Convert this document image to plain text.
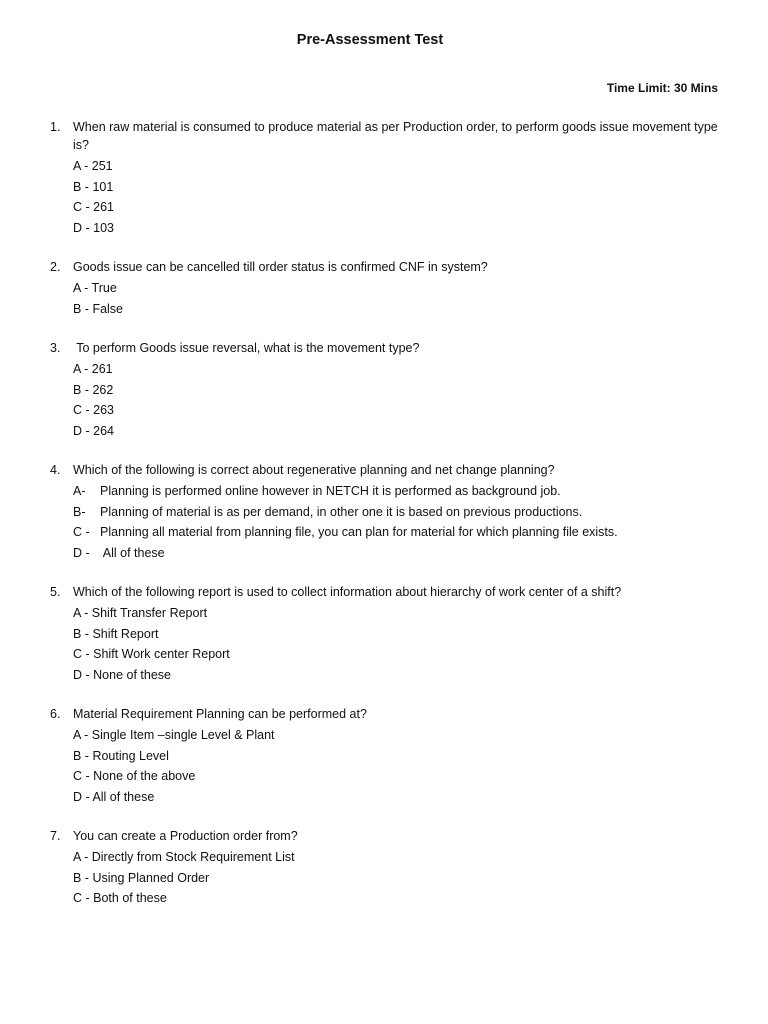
Pre-Assessment Test
Time Limit: 30 Mins
1.	When raw material is consumed to produce material as per Production order, to perform goods issue movement type is?
A - 251
B - 101
C - 261
D - 103
2.	Goods issue can be cancelled till order status is confirmed CNF in system?
A - True
B - False
3.	To perform Goods issue reversal, what is the movement type?
A - 261
B - 262
C - 263
D - 264
4.	Which of the following is correct about regenerative planning and net change planning?
A-	Planning is performed online however in NETCH it is performed as background job.
B-	Planning of material is as per demand, in other one it is based on previous productions.
C - Planning all material from planning file, you can plan for material for which planning file exists.
D - All of these
5.	Which of the following report is used to collect information about hierarchy of work center of a shift?
A - Shift Transfer Report
B - Shift Report
C - Shift Work center Report
D - None of these
6.	Material Requirement Planning can be performed at?
A - Single Item –single Level & Plant
B - Routing Level
C - None of the above
D - All of these
7.	You can create a Production order from?
A - Directly from Stock Requirement List
B - Using Planned Order
C - Both of these
